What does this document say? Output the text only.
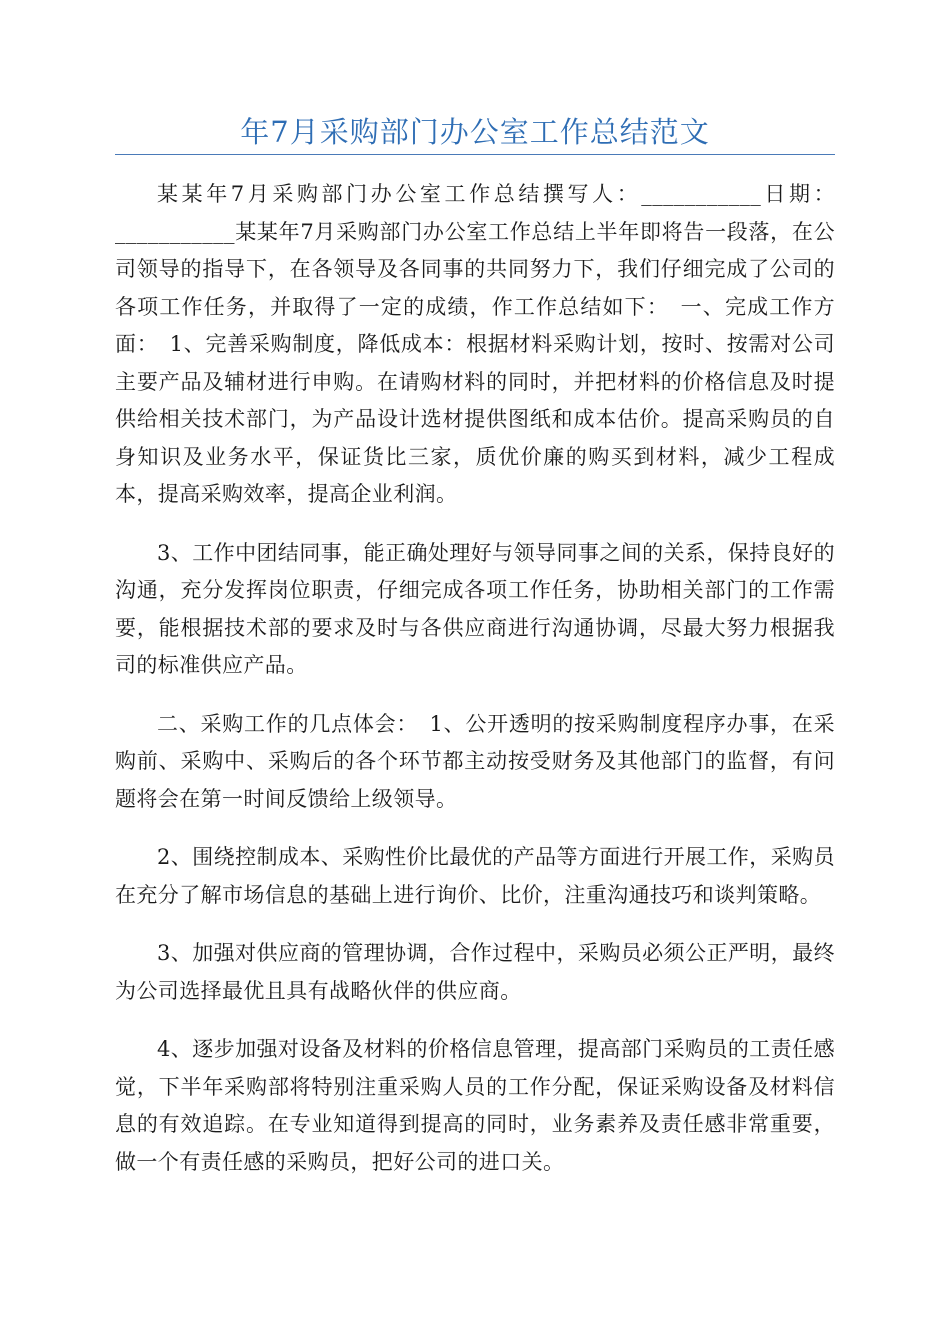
年7月采购部门办公室工作总结范文

某某年7月采购部门办公室工作总结撰写人：___________日期：___________某某年7月采购部门办公室工作总结上半年即将告一段落，在公司领导的指导下，在各领导及各同事的共同努力下，我们仔细完成了公司的各项工作任务，并取得了一定的成绩，作工作总结如下：　一、完成工作方面：　1、完善采购制度，降低成本：根据材料采购计划，按时、按需对公司主要产品及辅材进行申购。在请购材料的同时，并把材料的价格信息及时提供给相关技术部门，为产品设计选材提供图纸和成本估价。提高采购员的自身知识及业务水平，保证货比三家，质优价廉的购买到材料，减少工程成本，提高采购效率，提高企业利润。

3、工作中团结同事，能正确处理好与领导同事之间的关系，保持良好的沟通，充分发挥岗位职责，仔细完成各项工作任务，协助相关部门的工作需要，能根据技术部的要求及时与各供应商进行沟通协调，尽最大努力根据我司的标准供应产品。

二、采购工作的几点体会：　1、公开透明的按采购制度程序办事，在采购前、采购中、采购后的各个环节都主动按受财务及其他部门的监督，有问题将会在第一时间反馈给上级领导。

2、围绕控制成本、采购性价比最优的产品等方面进行开展工作，采购员在充分了解市场信息的基础上进行询价、比价，注重沟通技巧和谈判策略。

3、加强对供应商的管理协调，合作过程中，采购员必须公正严明，最终为公司选择最优且具有战略伙伴的供应商。

4、逐步加强对设备及材料的价格信息管理，提高部门采购员的工责任感觉，下半年采购部将特别注重采购人员的工作分配，保证采购设备及材料信息的有效追踪。在专业知道得到提高的同时，业务素养及责任感非常重要，做一个有责任感的采购员，把好公司的进口关。
